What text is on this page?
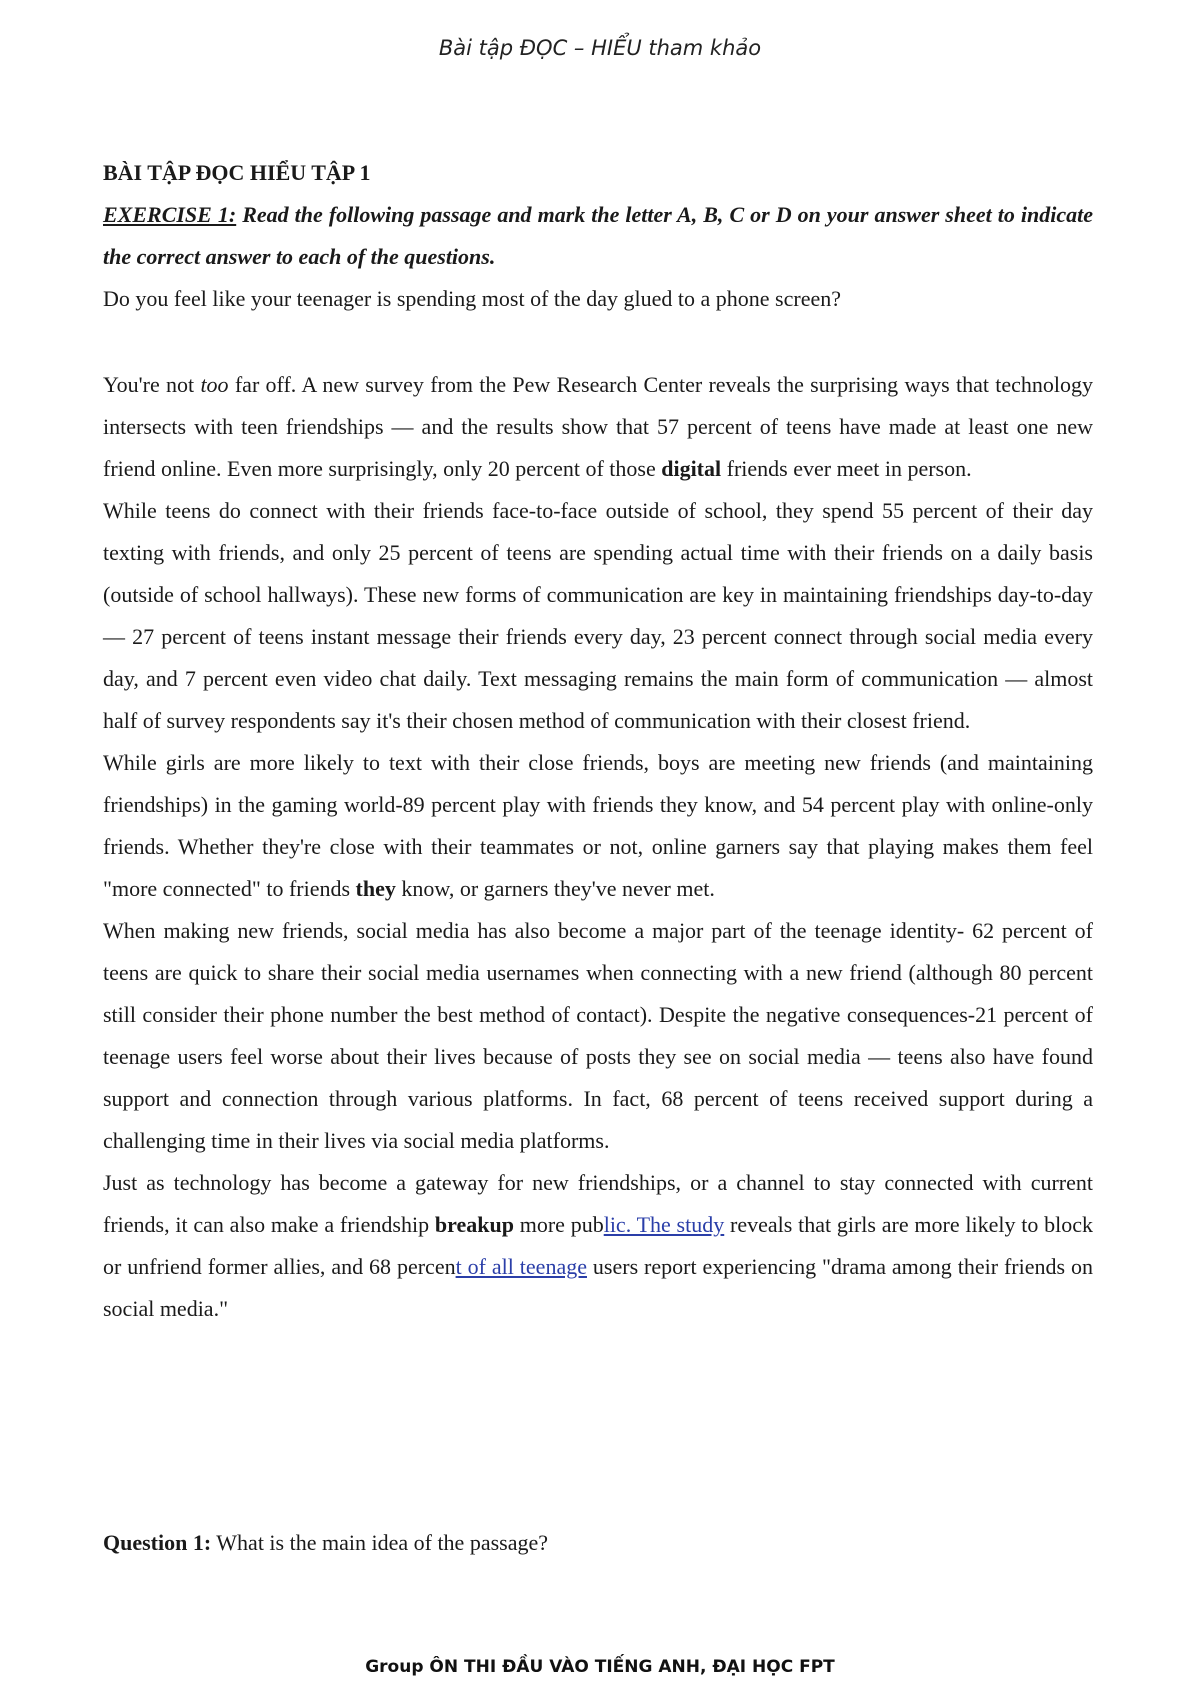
Bài tập ĐỌC – HIỂU tham khảo

BÀI TẬP ĐỌC HIỂU TẬP 1

EXERCISE 1: Read the following passage and mark the letter A, B, C or D on your answer sheet to indicate the correct answer to each of the questions.

Do you feel like your teenager is spending most of the day glued to a phone screen?

You're not too far off. A new survey from the Pew Research Center reveals the surprising ways that technology intersects with teen friendships — and the results show that 57 percent of teens have made at least one new friend online. Even more surprisingly, only 20 percent of those digital friends ever meet in person.

While teens do connect with their friends face-to-face outside of school, they spend 55 percent of their day texting with friends, and only 25 percent of teens are spending actual time with their friends on a daily basis (outside of school hallways). These new forms of communication are key in maintaining friendships day-to-day — 27 percent of teens instant message their friends every day, 23 percent connect through social media every day, and 7 percent even video chat daily. Text messaging remains the main form of communication — almost half of survey respondents say it's their chosen method of communication with their closest friend.

While girls are more likely to text with their close friends, boys are meeting new friends (and maintaining friendships) in the gaming world-89 percent play with friends they know, and 54 percent play with online-only friends. Whether they're close with their teammates or not, online garners say that playing makes them feel "more connected" to friends they know, or garners they've never met.

When making new friends, social media has also become a major part of the teenage identity- 62 percent of teens are quick to share their social media usernames when connecting with a new friend (although 80 percent still consider their phone number the best method of contact). Despite the negative consequences-21 percent of teenage users feel worse about their lives because of posts they see on social media — teens also have found support and connection through various platforms. In fact, 68 percent of teens received support during a challenging time in their lives via social media platforms.

Just as technology has become a gateway for new friendships, or a channel to stay connected with current friends, it can also make a friendship breakup more public. The study reveals that girls are more likely to block or unfriend former allies, and 68 percent of all teenage users report experiencing "drama among their friends on social media."

Question 1: What is the main idea of the passage?
Group ÔN THI ĐẦU VÀO TIẾNG ANH, ĐẠI HỌC FPT
